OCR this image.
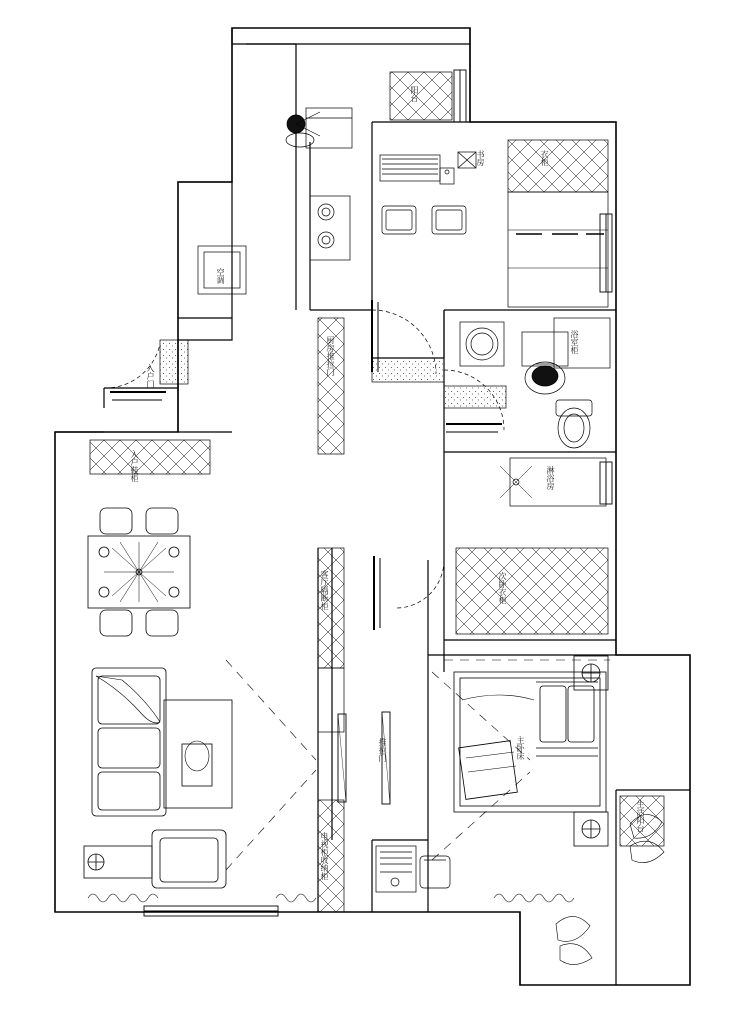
阳台
书房	衣柜
厨房推拉门	浴室柜
淋浴房
次卧衣柜
入户鞋柜
入户门
空调
客厅隔断柜
推拉门
电视柜收纳柜
主卧床
生活阳台
